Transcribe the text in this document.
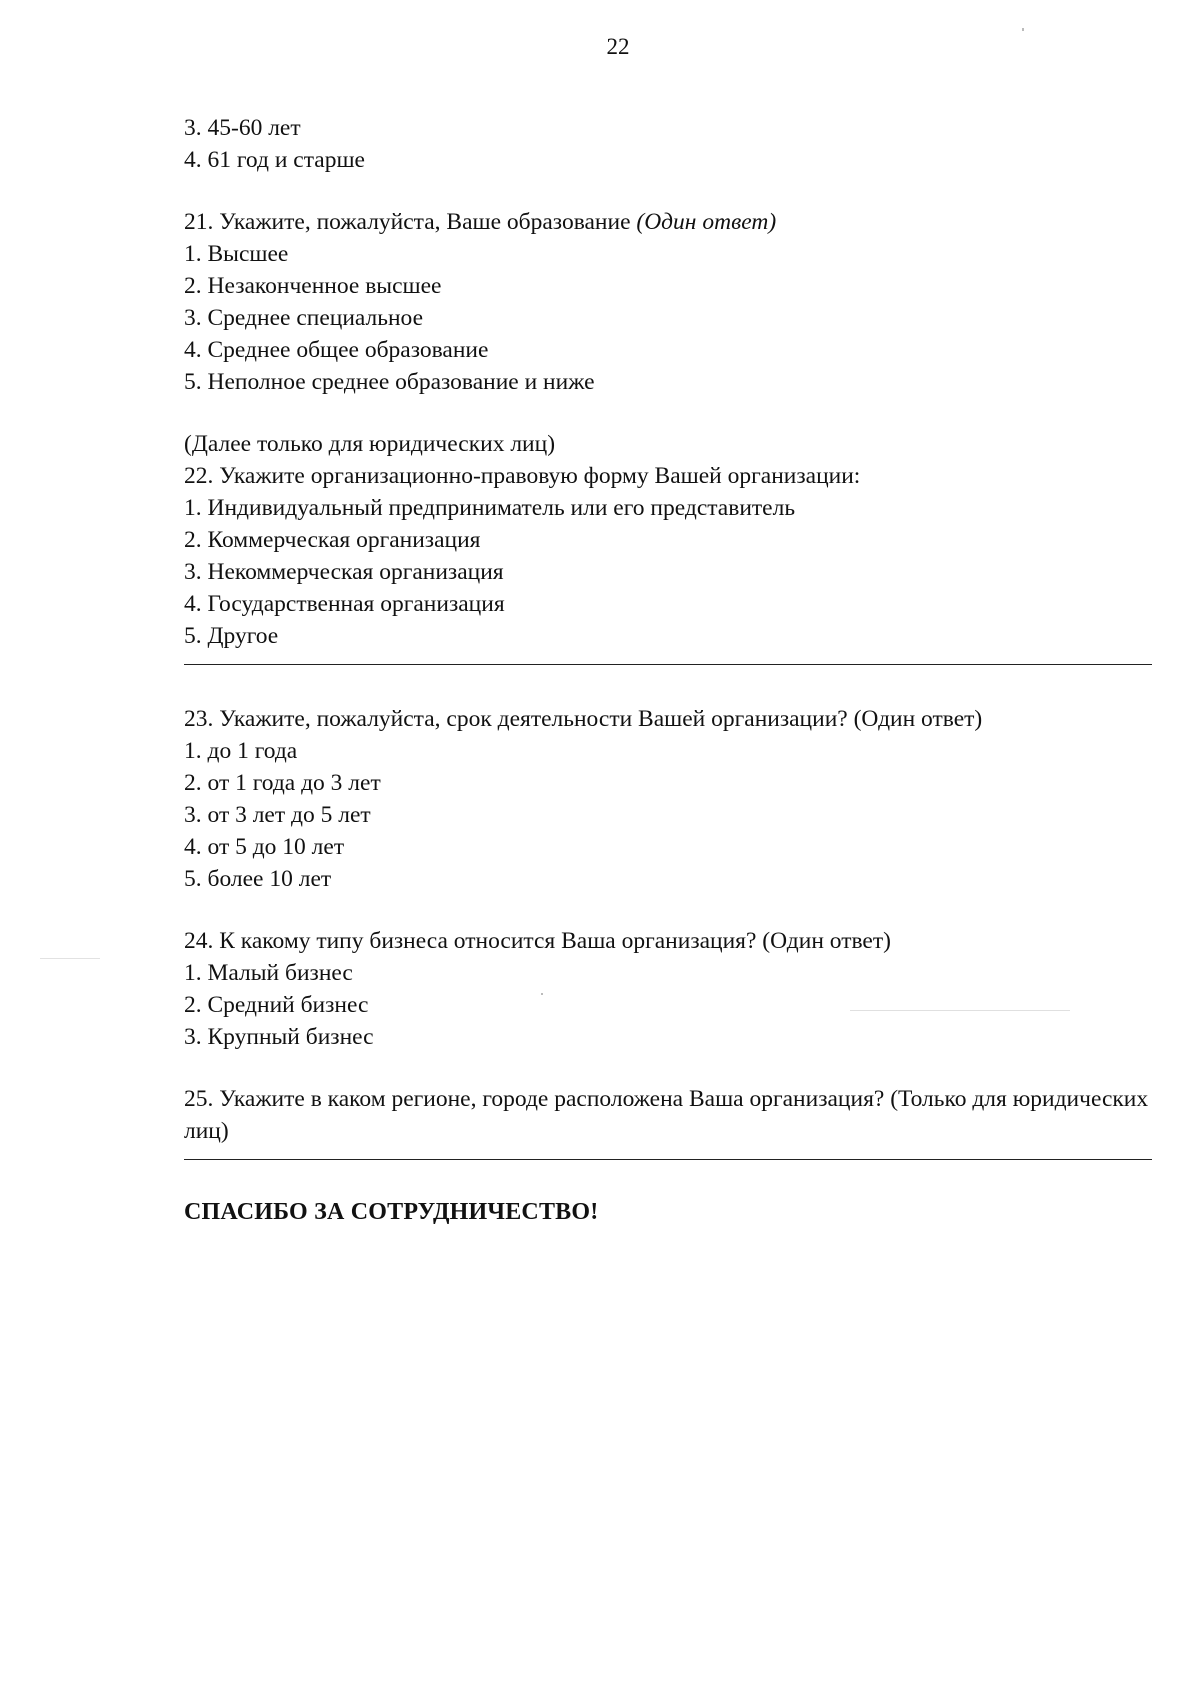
22
3. 45-60 лет
4. 61 год и старше
21. Укажите, пожалуйста, Ваше образование (Один ответ)
1. Высшее
2. Незаконченное высшее
3. Среднее специальное
4. Среднее общее образование
5. Неполное среднее образование и ниже
(Далее только для юридических лиц)
22. Укажите организационно-правовую форму Вашей организации:
1. Индивидуальный предприниматель или его представитель
2. Коммерческая организация
3. Некоммерческая организация
4. Государственная организация
5. Другое
23. Укажите, пожалуйста, срок деятельности Вашей организации? (Один ответ)
1. до 1 года
2. от 1 года до 3 лет
3. от 3 лет до 5 лет
4. от 5 до 10 лет
5. более 10 лет
24. К какому типу бизнеса относится Ваша организация? (Один ответ)
1. Малый бизнес
2. Средний бизнес
3. Крупный бизнес
25. Укажите в каком регионе, городе расположена Ваша организация? (Только для юридических лиц)
СПАСИБО ЗА СОТРУДНИЧЕСТВО!
